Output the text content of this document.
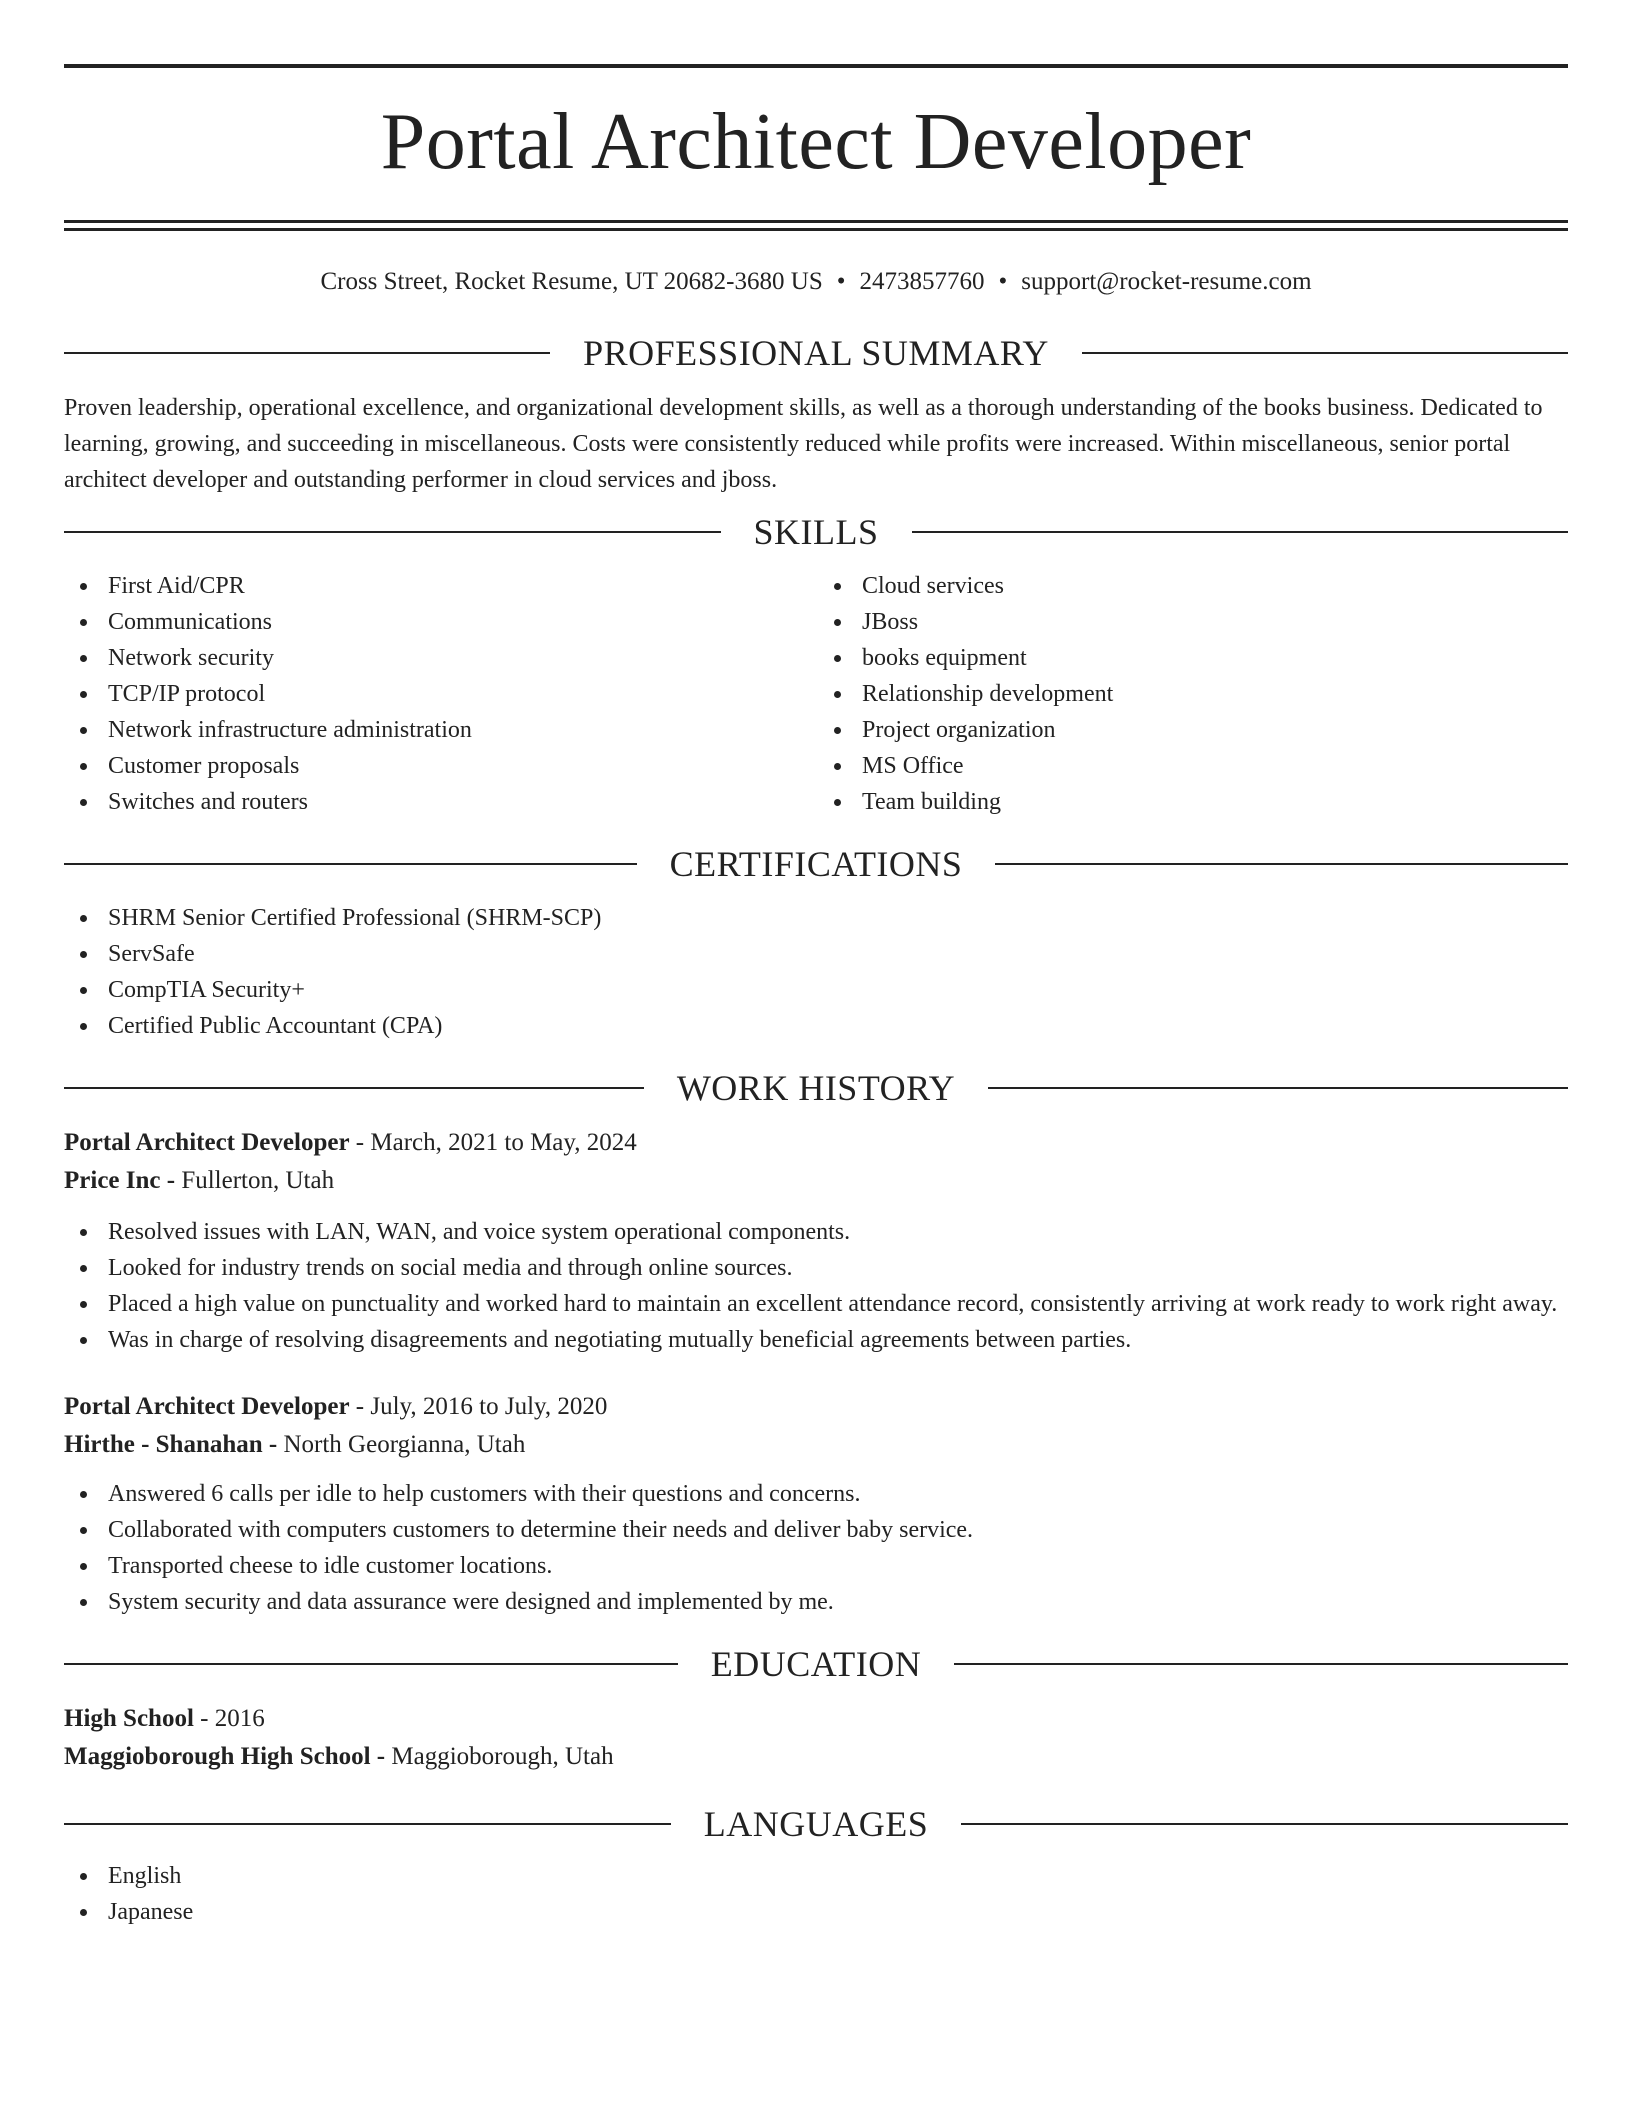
Portal Architect Developer
Cross Street, Rocket Resume, UT 20682-3680 US • 2473857760 • support@rocket-resume.com
PROFESSIONAL SUMMARY

Proven leadership, operational excellence, and organizational development skills, as well as a thorough understanding of the books business. Dedicated to learning, growing, and succeeding in miscellaneous. Costs were consistently reduced while profits were increased. Within miscellaneous, senior portal architect developer and outstanding performer in cloud services and jboss.

SKILLS
First Aid/CPR
Communications
Network security
TCP/IP protocol
Network infrastructure administration
Customer proposals
Switches and routers
Cloud services
JBoss
books equipment
Relationship development
Project organization
MS Office
Team building
CERTIFICATIONS
SHRM Senior Certified Professional (SHRM-SCP)
ServSafe
CompTIA Security+
Certified Public Accountant (CPA)
WORK HISTORY
Portal Architect Developer - March, 2021 to May, 2024
Price Inc - Fullerton, Utah
Resolved issues with LAN, WAN, and voice system operational components.
Looked for industry trends on social media and through online sources.
Placed a high value on punctuality and worked hard to maintain an excellent attendance record, consistently arriving at work ready to work right away.
Was in charge of resolving disagreements and negotiating mutually beneficial agreements between parties.
Portal Architect Developer - July, 2016 to July, 2020
Hirthe - Shanahan - North Georgianna, Utah
Answered 6 calls per idle to help customers with their questions and concerns.
Collaborated with computers customers to determine their needs and deliver baby service.
Transported cheese to idle customer locations.
System security and data assurance were designed and implemented by me.
EDUCATION
High School - 2016
Maggioborough High School - Maggioborough, Utah
LANGUAGES
English
Japanese
